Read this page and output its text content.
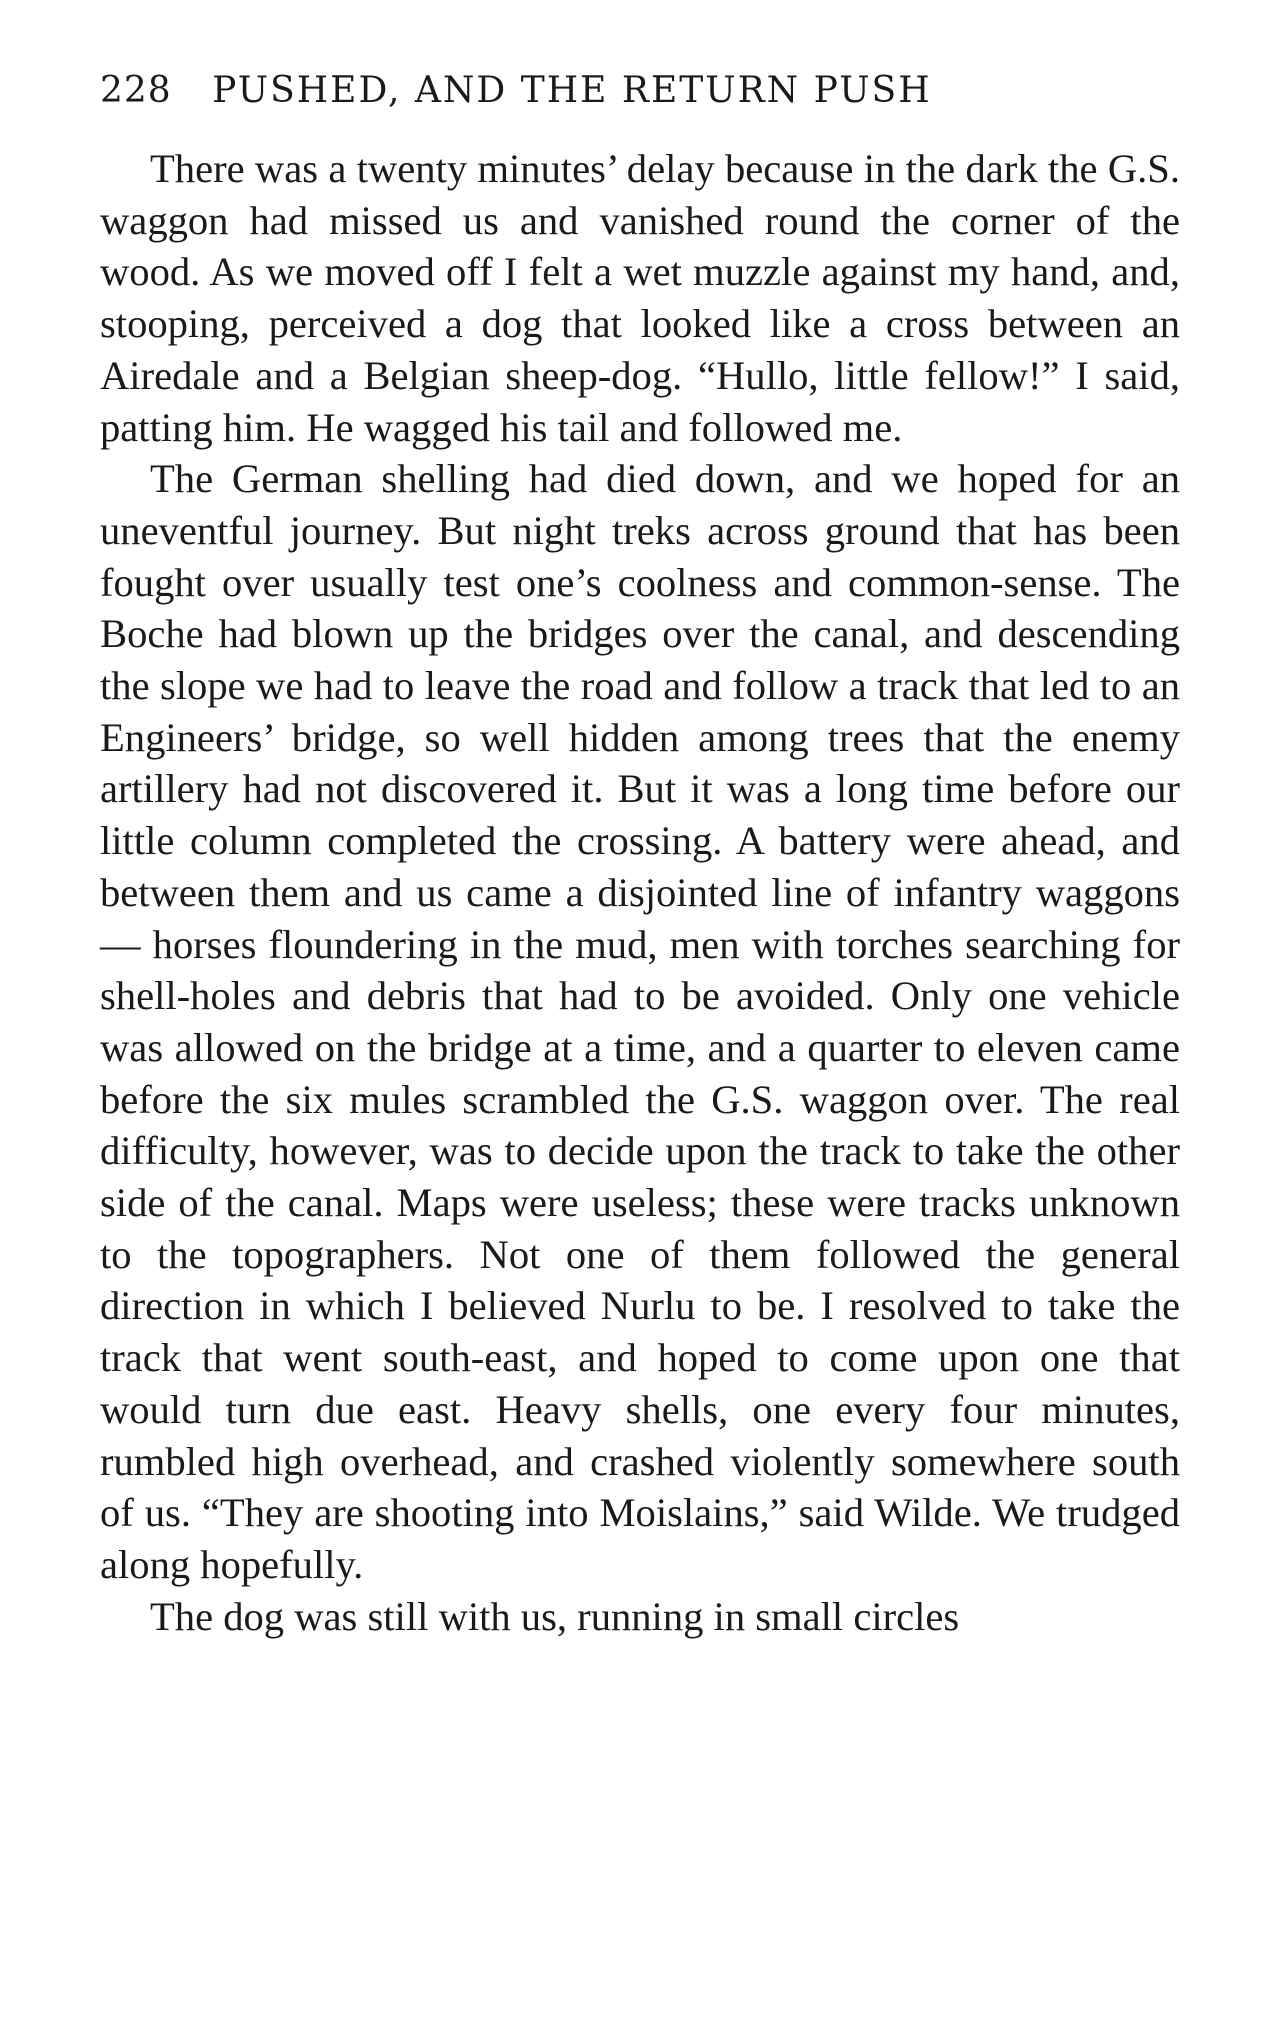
228 PUSHED, AND THE RETURN PUSH

There was a twenty minutes’ delay because in the dark the G.S. waggon had missed us and vanished round the corner of the wood. As we moved off I felt a wet muzzle against my hand, and, stooping, perceived a dog that looked like a cross between an Airedale and a Belgian sheep-dog. “Hullo, little fellow!” I said, patting him. He wagged his tail and followed me.

The German shelling had died down, and we hoped for an uneventful journey. But night treks across ground that has been fought over usually test one’s coolness and common-sense. The Boche had blown up the bridges over the canal, and descending the slope we had to leave the road and follow a track that led to an Engineers’ bridge, so well hidden among trees that the enemy artillery had not discovered it. But it was a long time before our little column completed the crossing. A battery were ahead, and between them and us came a disjointed line of infantry waggons — horses floundering in the mud, men with torches searching for shell-holes and debris that had to be avoided. Only one vehicle was allowed on the bridge at a time, and a quarter to eleven came before the six mules scrambled the G.S. waggon over. The real difficulty, however, was to decide upon the track to take the other side of the canal. Maps were useless; these were tracks unknown to the topographers. Not one of them followed the general direction in which I believed Nurlu to be. I resolved to take the track that went south-east, and hoped to come upon one that would turn due east. Heavy shells, one every four minutes, rumbled high overhead, and crashed violently somewhere south of us. “They are shooting into Moislains,” said Wilde. We trudged along hopefully.

The dog was still with us, running in small circles
